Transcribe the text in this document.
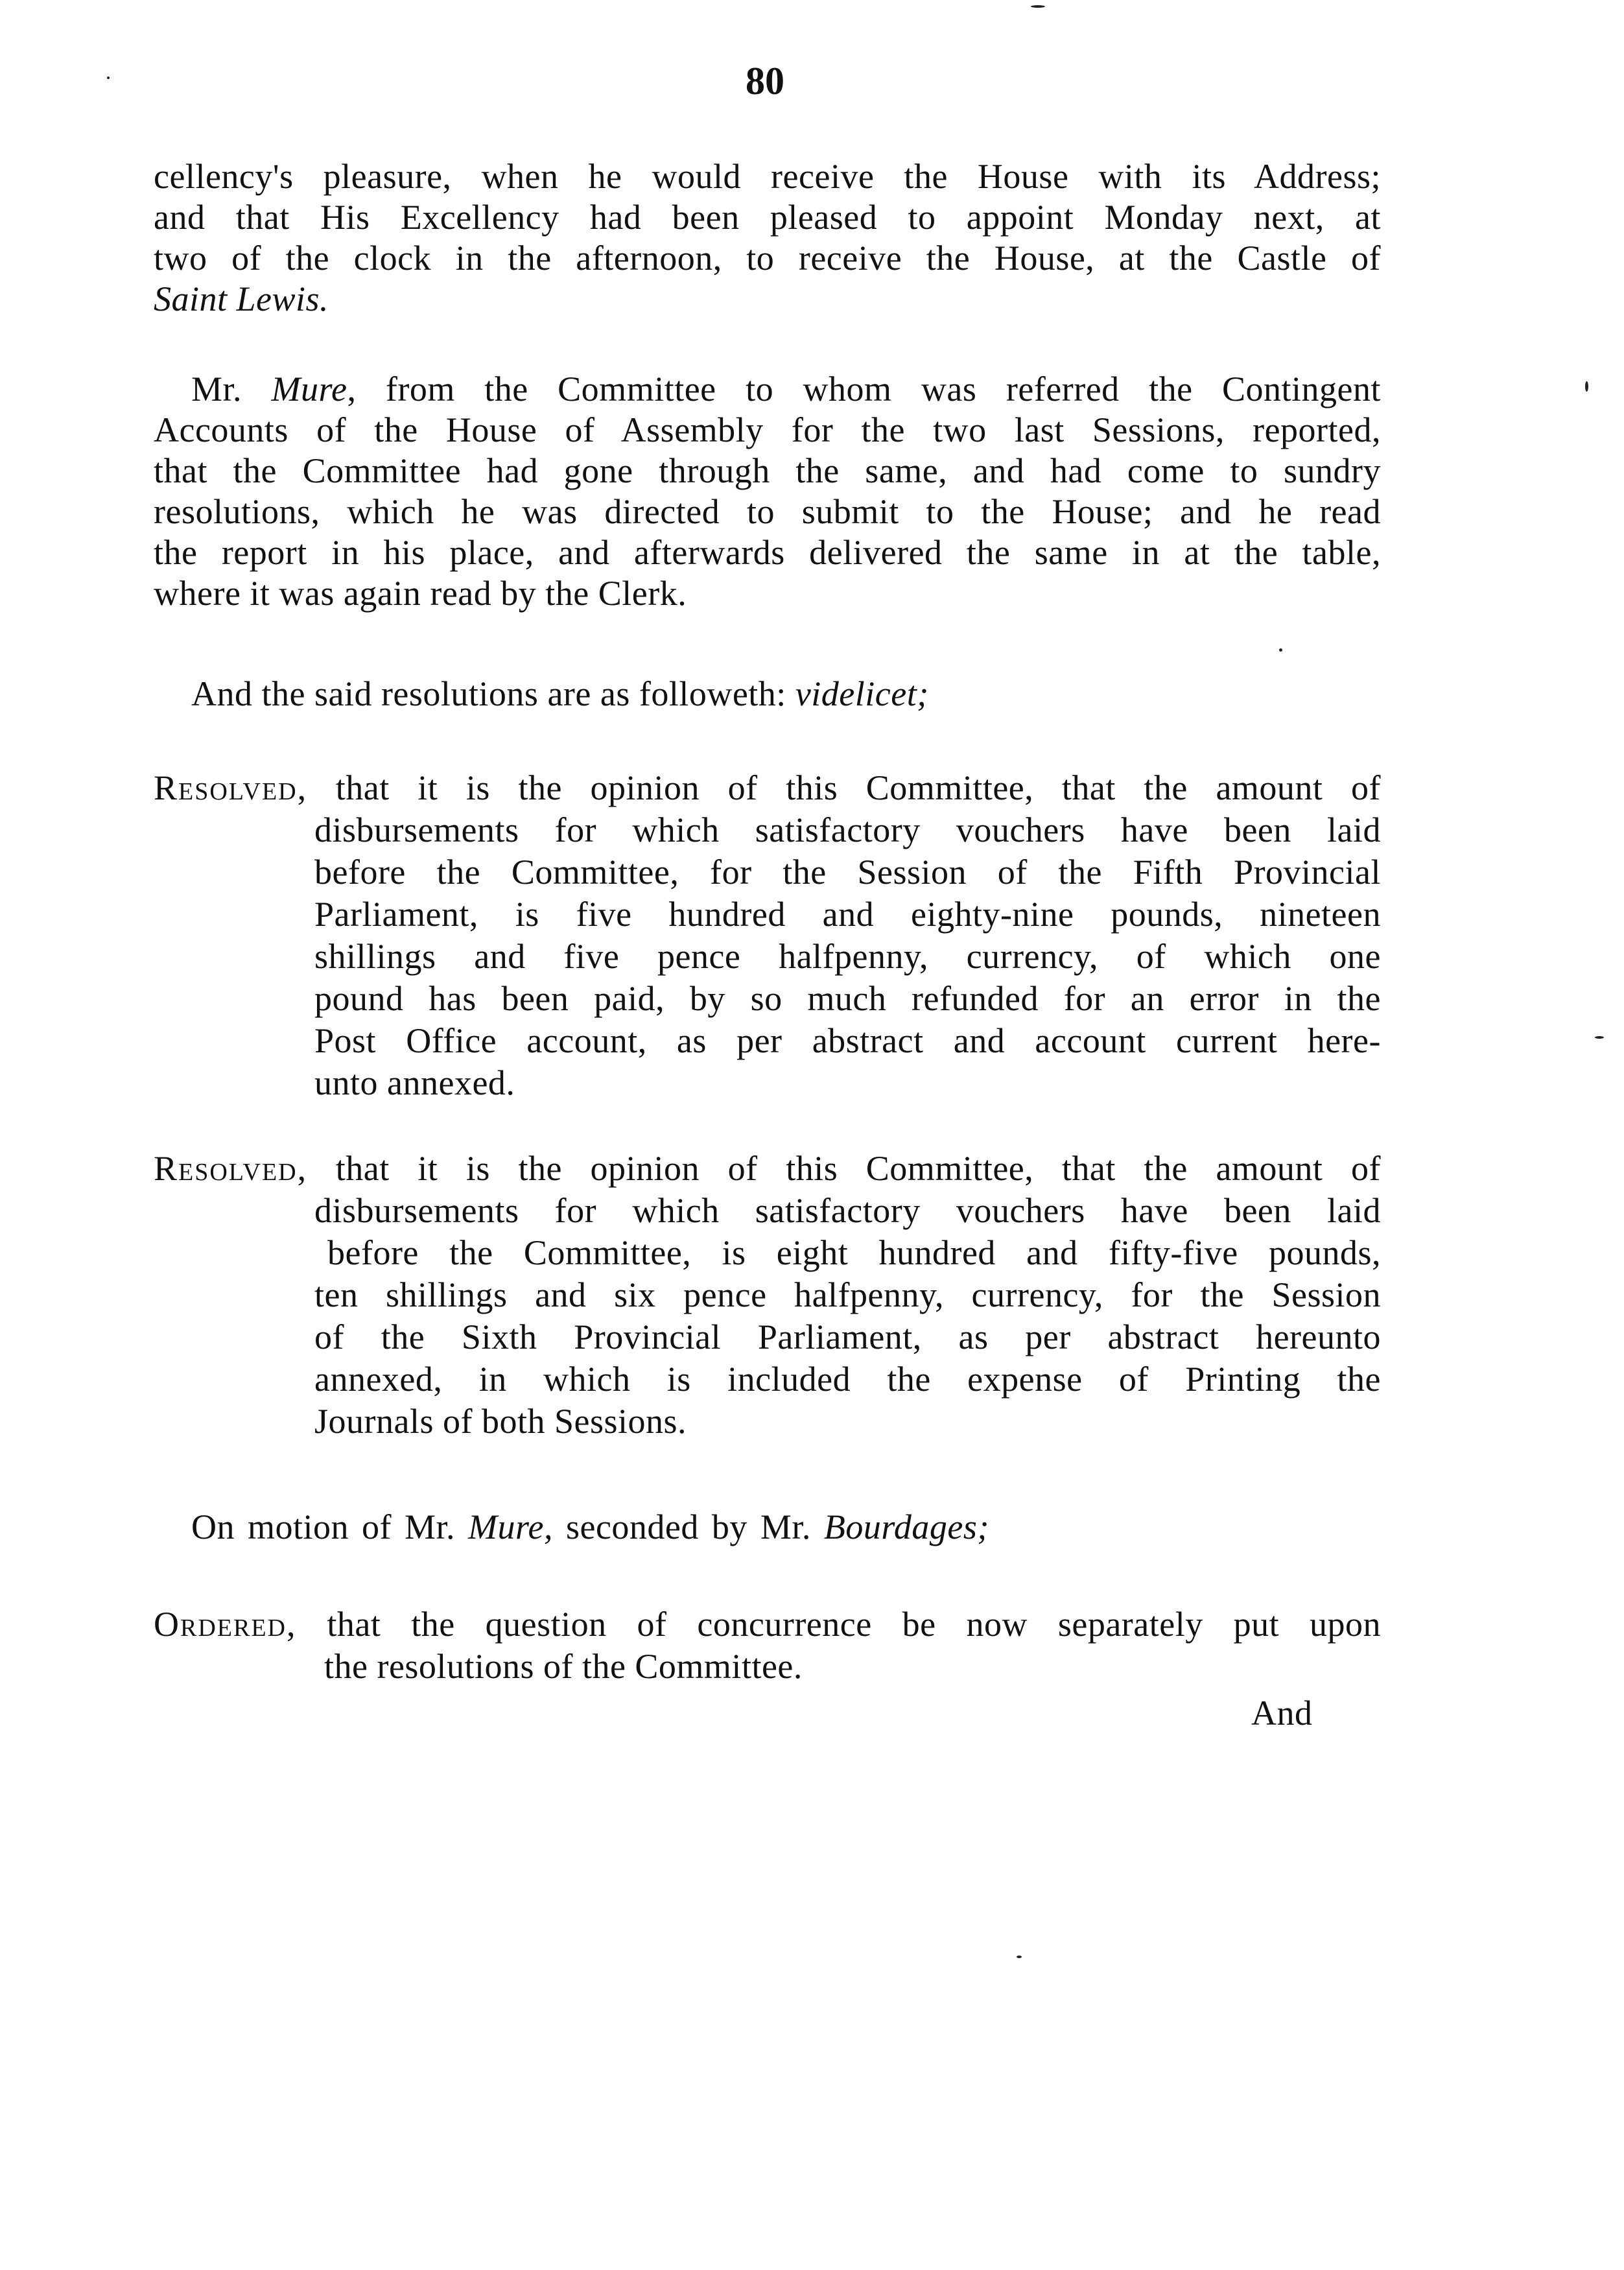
80
cellency's pleasure, when he would receive the House with its Address;
and that His Excellency had been pleased to appoint Monday next, at
two of the clock in the afternoon, to receive the House, at the Castle of
Saint Lewis.
Mr. Mure, from the Committee to whom was referred the Contingent
Accounts of the House of Assembly for the two last Sessions, reported,
that the Committee had gone through the same, and had come to sundry
resolutions, which he was directed to submit to the House; and he read
the report in his place, and afterwards delivered the same in at the table,
where it was again read by the Clerk.
And the said resolutions are as followeth: videlicet;
Resolved, that it is the opinion of this Committee, that the amount of
disbursements for which satisfactory vouchers have been laid
before the Committee, for the Session of the Fifth Provincial
Parliament, is five hundred and eighty-nine pounds, nineteen
shillings and five pence halfpenny, currency, of which one
pound has been paid, by so much refunded for an error in the
Post Office account, as per abstract and account current here-
unto annexed.
Resolved, that it is the opinion of this Committee, that the amount of
disbursements for which satisfactory vouchers have been laid
before the Committee, is eight hundred and fifty-five pounds,
ten shillings and six pence halfpenny, currency, for the Session
of the Sixth Provincial Parliament, as per abstract hereunto
annexed, in which is included the expense of Printing the
Journals of both Sessions.
On motion of Mr. Mure, seconded by Mr. Bourdages;
Ordered, that the question of concurrence be now separately put upon
the resolutions of the Committee.
And
